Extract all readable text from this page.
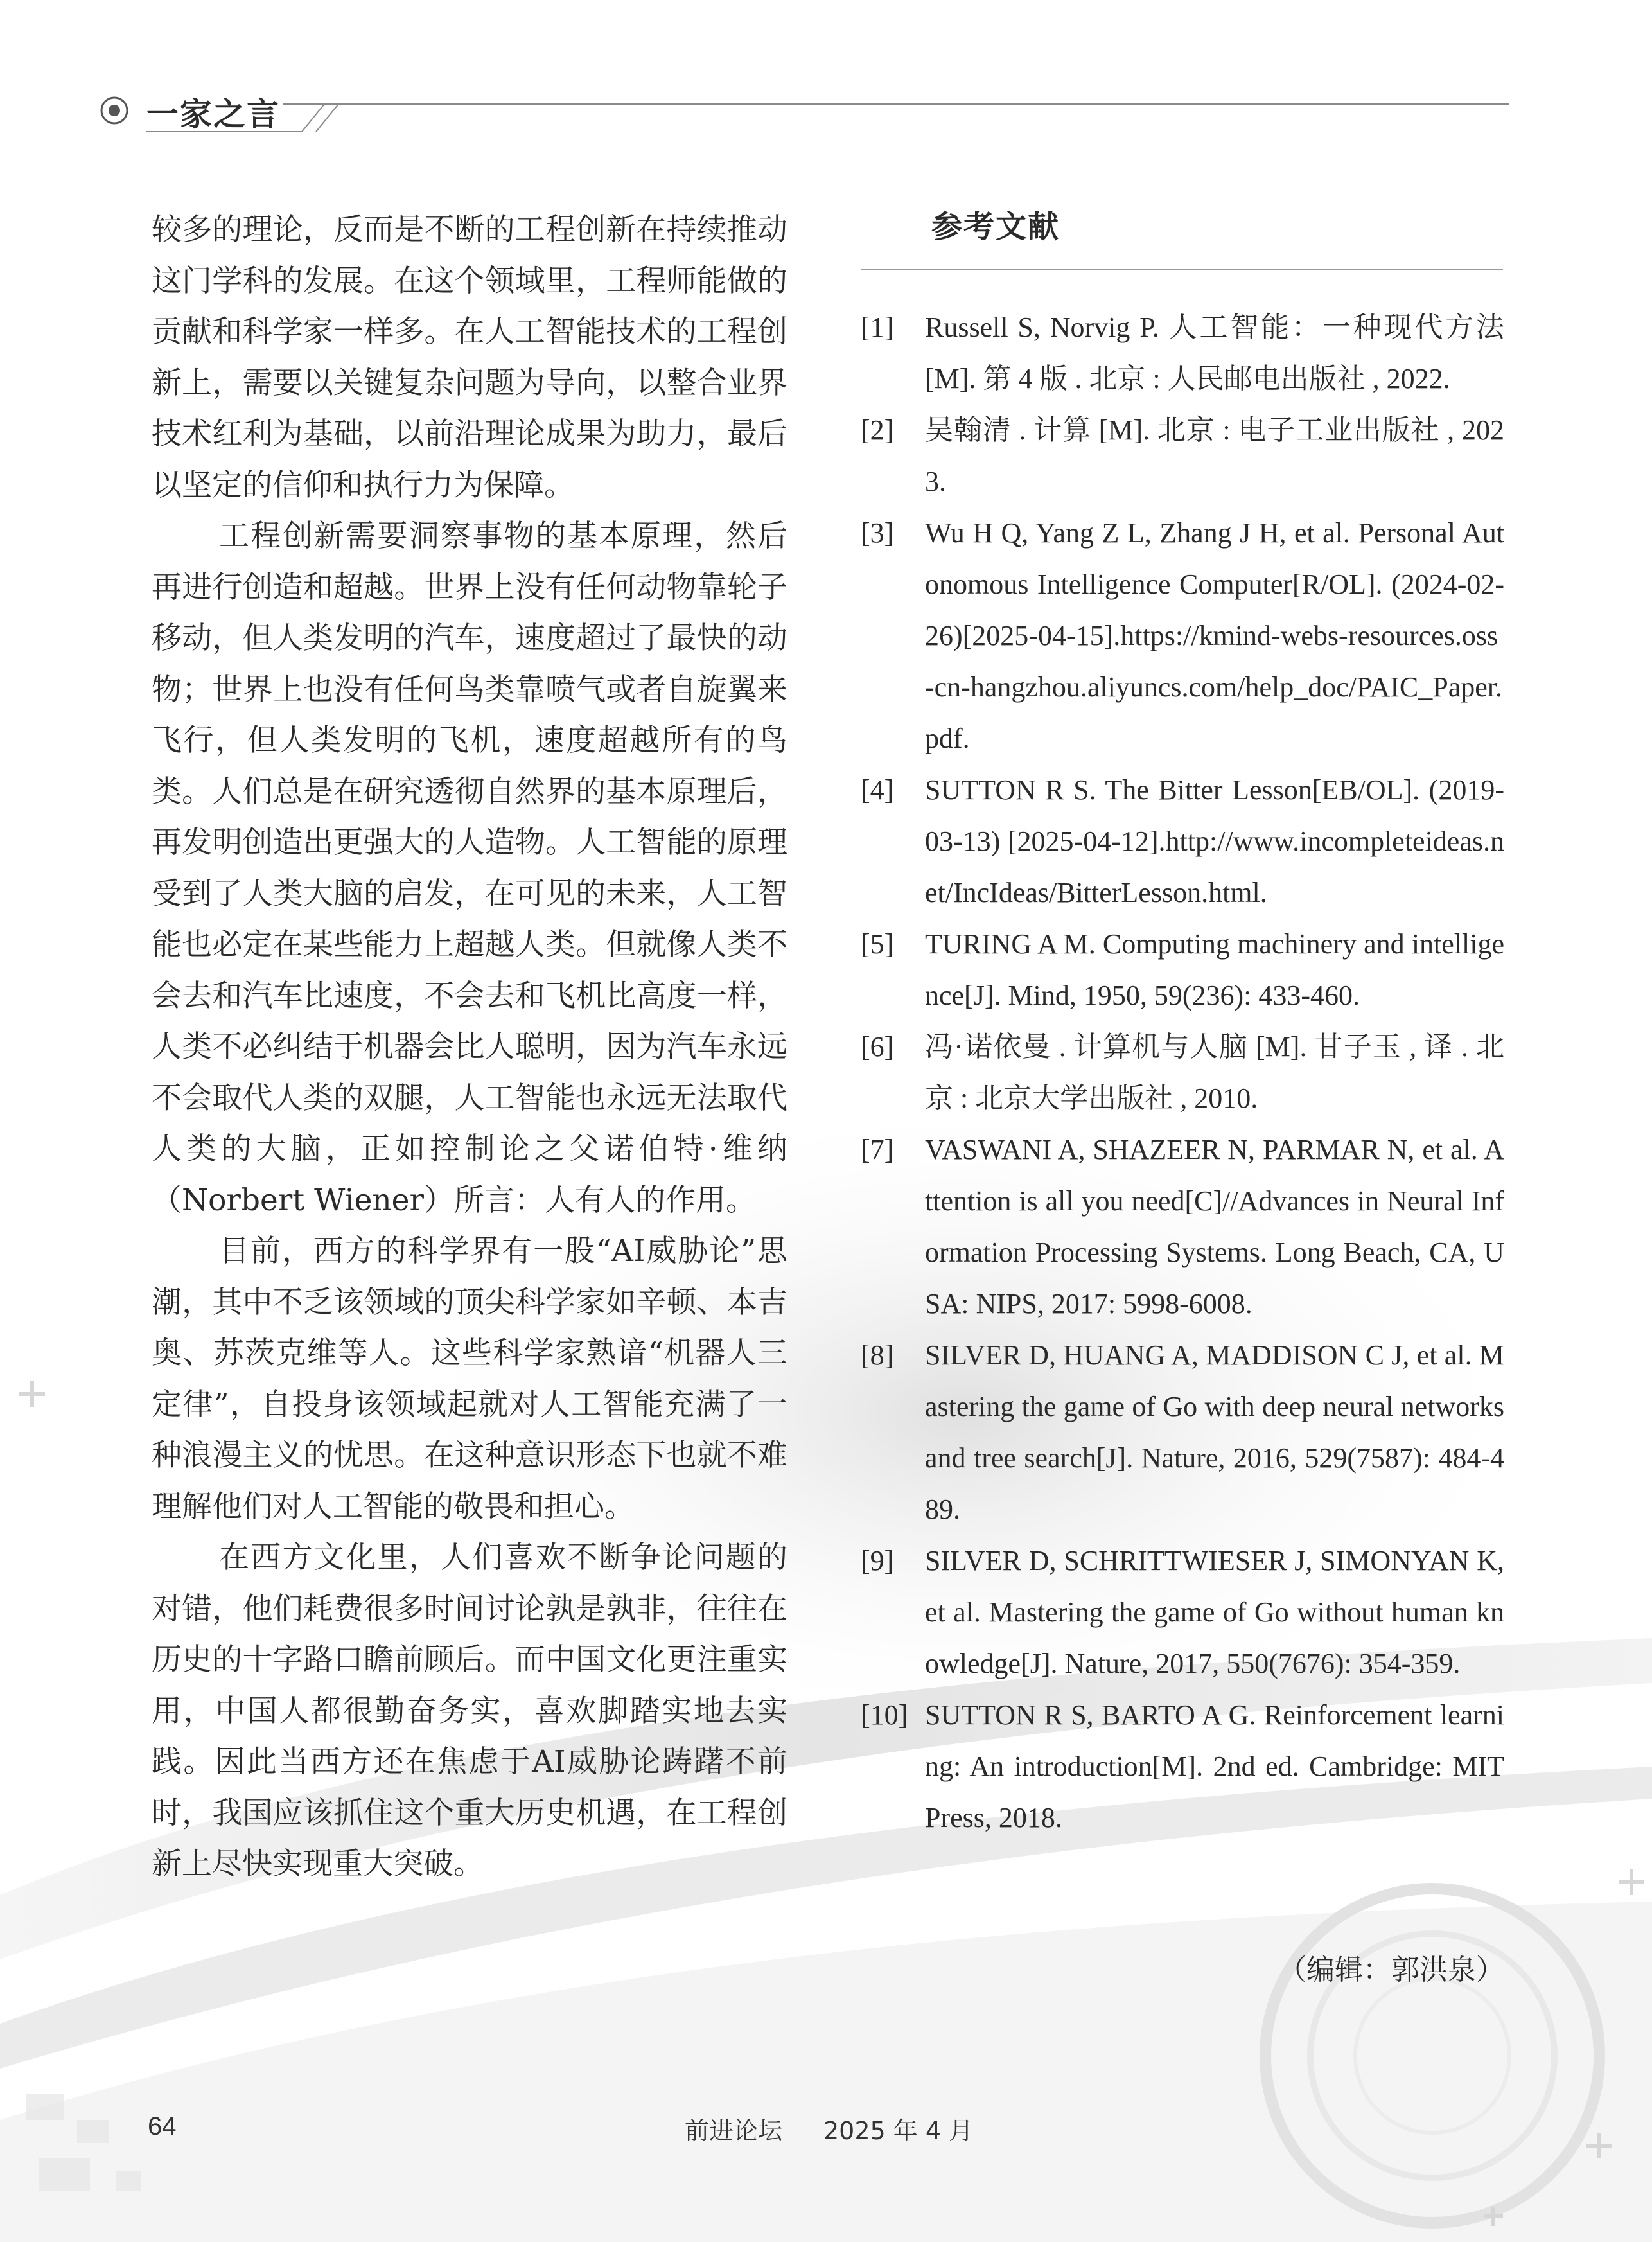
一家之言

较多的理论，反而是不断的工程创新在持续推动这门学科的发展。在这个领域里，工程师能做的贡献和科学家一样多。在人工智能技术的工程创新上，需要以关键复杂问题为导向，以整合业界技术红利为基础，以前沿理论成果为助力，最后以坚定的信仰和执行力为保障。

工程创新需要洞察事物的基本原理，然后再进行创造和超越。世界上没有任何动物靠轮子移动，但人类发明的汽车，速度超过了最快的动物；世界上也没有任何鸟类靠喷气或者自旋翼来飞行，但人类发明的飞机，速度超越所有的鸟类。人们总是在研究透彻自然界的基本原理后，再发明创造出更强大的人造物。人工智能的原理受到了人类大脑的启发，在可见的未来，人工智能也必定在某些能力上超越人类。但就像人类不会去和汽车比速度，不会去和飞机比高度一样，人类不必纠结于机器会比人聪明，因为汽车永远不会取代人类的双腿，人工智能也永远无法取代人类的大脑，正如控制论之父诺伯特·维纳（Norbert Wiener）所言：人有人的作用。

目前，西方的科学界有一股“AI威胁论”思潮，其中不乏该领域的顶尖科学家如辛顿、本吉奥、苏茨克维等人。这些科学家熟谙“机器人三定律”，自投身该领域起就对人工智能充满了一种浪漫主义的忧思。在这种意识形态下也就不难理解他们对人工智能的敬畏和担心。

在西方文化里，人们喜欢不断争论问题的对错，他们耗费很多时间讨论孰是孰非，往往在历史的十字路口瞻前顾后。而中国文化更注重实用，中国人都很勤奋务实，喜欢脚踏实地去实践。因此当西方还在焦虑于AI威胁论踌躇不前时，我国应该抓住这个重大历史机遇，在工程创新上尽快实现重大突破。

参考文献
[1] Russell S, Norvig P. 人工智能：一种现代方法 [M]. 第 4 版 . 北京 : 人民邮电出版社 , 2022.
[2] 吴翰清 . 计算 [M]. 北京 : 电子工业出版社 , 2023.
[3] Wu H Q, Yang Z L, Zhang J H, et al. Personal Autonomous Intelligence Computer[R/OL]. (2024-02-26)[2025-04-15].https://kmind-webs-resources.oss-cn-hangzhou.aliyuncs.com/help_doc/PAIC_Paper.pdf.
[4] SUTTON R S. The Bitter Lesson[EB/OL]. (2019-03-13) [2025-04-12].http://www.incompleteideas.net/IncIdeas/BitterLesson.html.
[5] TURING A M. Computing machinery and intelligence[J]. Mind, 1950, 59(236): 433-460.
[6] 冯·诺依曼 . 计算机与人脑 [M]. 甘子玉 , 译 . 北京 : 北京大学出版社 , 2010.
[7] VASWANI A, SHAZEER N, PARMAR N, et al. Attention is all you need[C]//Advances in Neural Information Processing Systems. Long Beach, CA, USA: NIPS, 2017: 5998-6008.
[8] SILVER D, HUANG A, MADDISON C J, et al. Mastering the game of Go with deep neural networks and tree search[J]. Nature, 2016, 529(7587): 484-489.
[9] SILVER D, SCHRITTWIESER J, SIMONYAN K, et al. Mastering the game of Go without human knowledge[J]. Nature, 2017, 550(7676): 354-359.
[10] SUTTON R S, BARTO A G. Reinforcement learning: An introduction[M]. 2nd ed. Cambridge: MIT Press, 2018.
（编辑：郭洪泉）
64	前进论坛 2025 年 4 月
